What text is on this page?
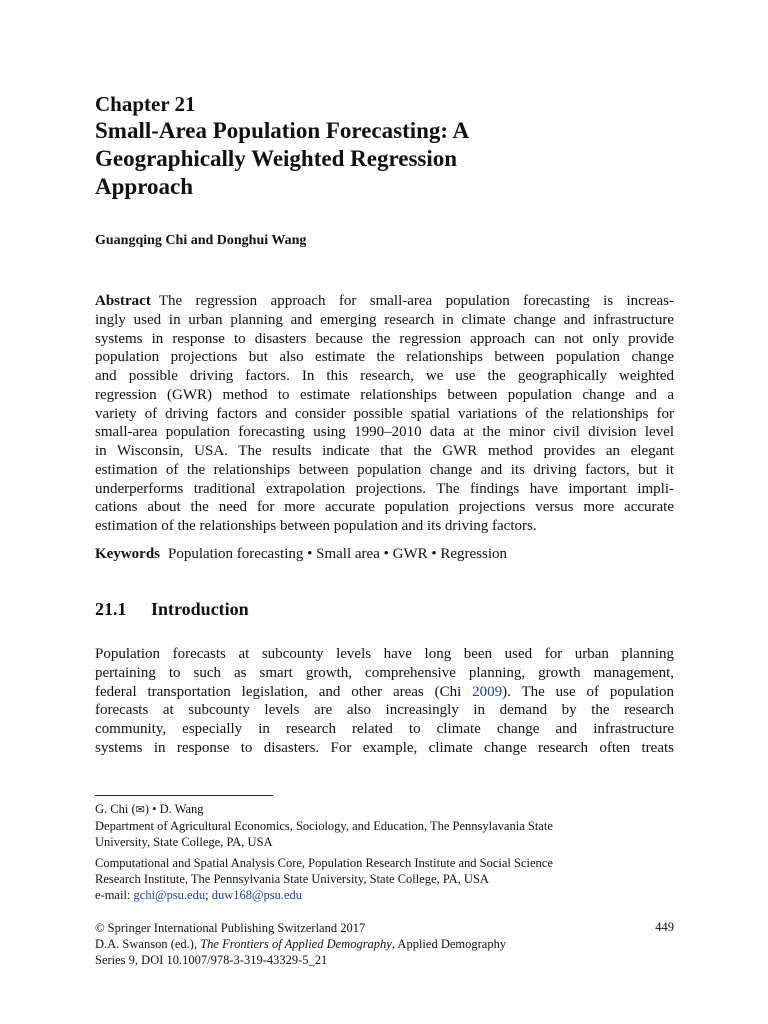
Chapter 21
Small-Area Population Forecasting: A
Geographically Weighted Regression
Approach
Guangqing Chi and Donghui Wang
Abstract The regression approach for small-area population forecasting is increas-
ingly used in urban planning and emerging research in climate change and infrastructure
systems in response to disasters because the regression approach can not only provide
population projections but also estimate the relationships between population change
and possible driving factors. In this research, we use the geographically weighted
regression (GWR) method to estimate relationships between population change and a
variety of driving factors and consider possible spatial variations of the relationships for
small-area population forecasting using 1990–2010 data at the minor civil division level
in Wisconsin, USA. The results indicate that the GWR method provides an elegant
estimation of the relationships between population change and its driving factors, but it
underperforms traditional extrapolation projections. The findings have important impli-
cations about the need for more accurate population projections versus more accurate
estimation of the relationships between population and its driving factors.
Keywords Population forecasting • Small area • GWR • Regression
21.1 Introduction
Population forecasts at subcounty levels have long been used for urban planning
pertaining to such as smart growth, comprehensive planning, growth management,
federal transportation legislation, and other areas (Chi 2009). The use of population
forecasts at subcounty levels are also increasingly in demand by the research
community, especially in research related to climate change and infrastructure
systems in response to disasters. For example, climate change research often treats
G. Chi (✉) • D. Wang
Department of Agricultural Economics, Sociology, and Education, The Pennsylavania State
University, State College, PA, USA
Computational and Spatial Analysis Core, Population Research Institute and Social Science
Research Institute, The Pennsylvania State University, State College, PA, USA
e-mail: gchi@psu.edu; duw168@psu.edu
© Springer International Publishing Switzerland 2017
D.A. Swanson (ed.), The Frontiers of Applied Demography, Applied Demography
Series 9, DOI 10.1007/978-3-319-43329-5_21
449
